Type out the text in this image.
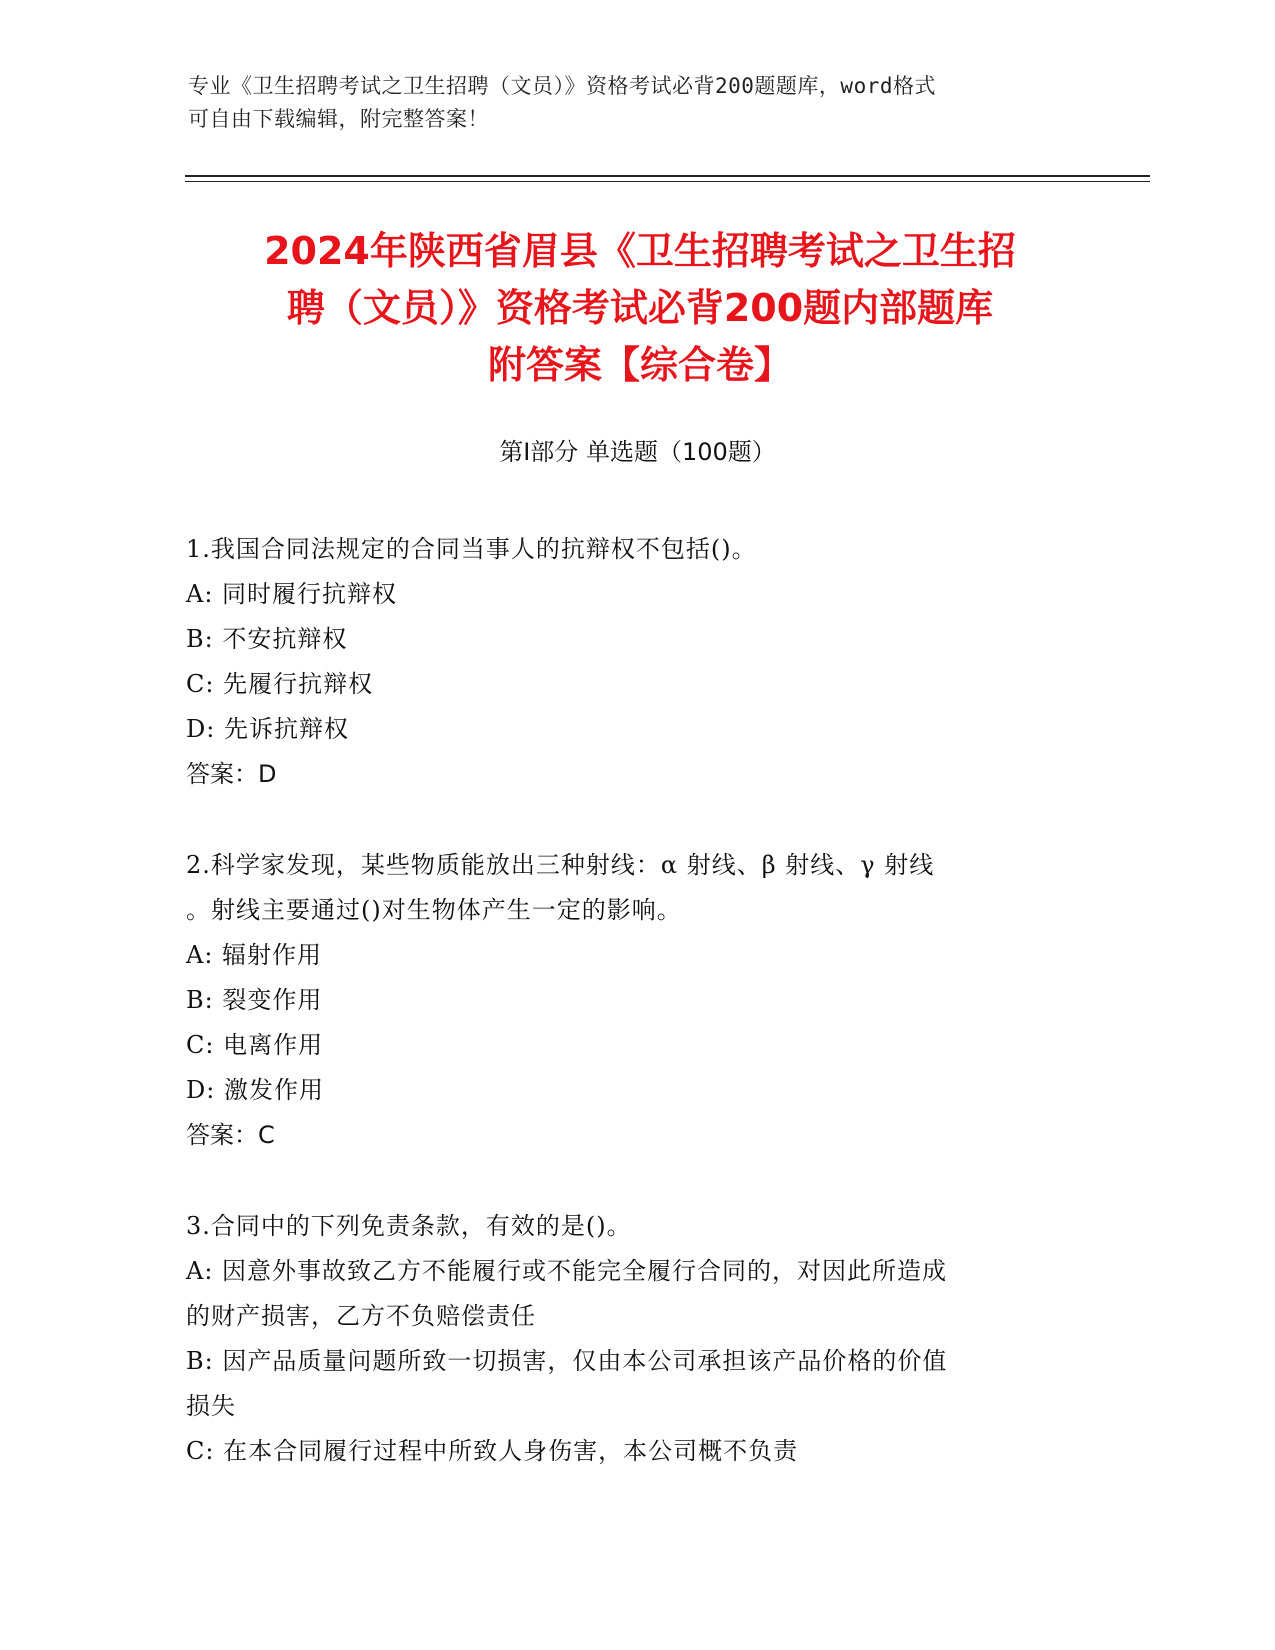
专业《卫生招聘考试之卫生招聘（文员）》资格考试必背200题题库，word格式
可自由下载编辑，附完整答案！
2024年陕西省眉县《卫生招聘考试之卫生招
聘（文员）》资格考试必背200题内部题库
附答案【综合卷】
第Ⅰ部分 单选题（100题）
1.我国合同法规定的合同当事人的抗辩权不包括()。
A: 同时履行抗辩权
B: 不安抗辩权
C: 先履行抗辩权
D: 先诉抗辩权
答案：D
2.科学家发现，某些物质能放出三种射线：α 射线、β 射线、γ 射线
。射线主要通过()对生物体产生一定的影响。
A: 辐射作用
B: 裂变作用
C: 电离作用
D: 激发作用
答案：C
3.合同中的下列免责条款，有效的是()。
A: 因意外事故致乙方不能履行或不能完全履行合同的，对因此所造成
的财产损害，乙方不负赔偿责任
B: 因产品质量问题所致一切损害，仅由本公司承担该产品价格的价值
损失
C: 在本合同履行过程中所致人身伤害，本公司概不负责
